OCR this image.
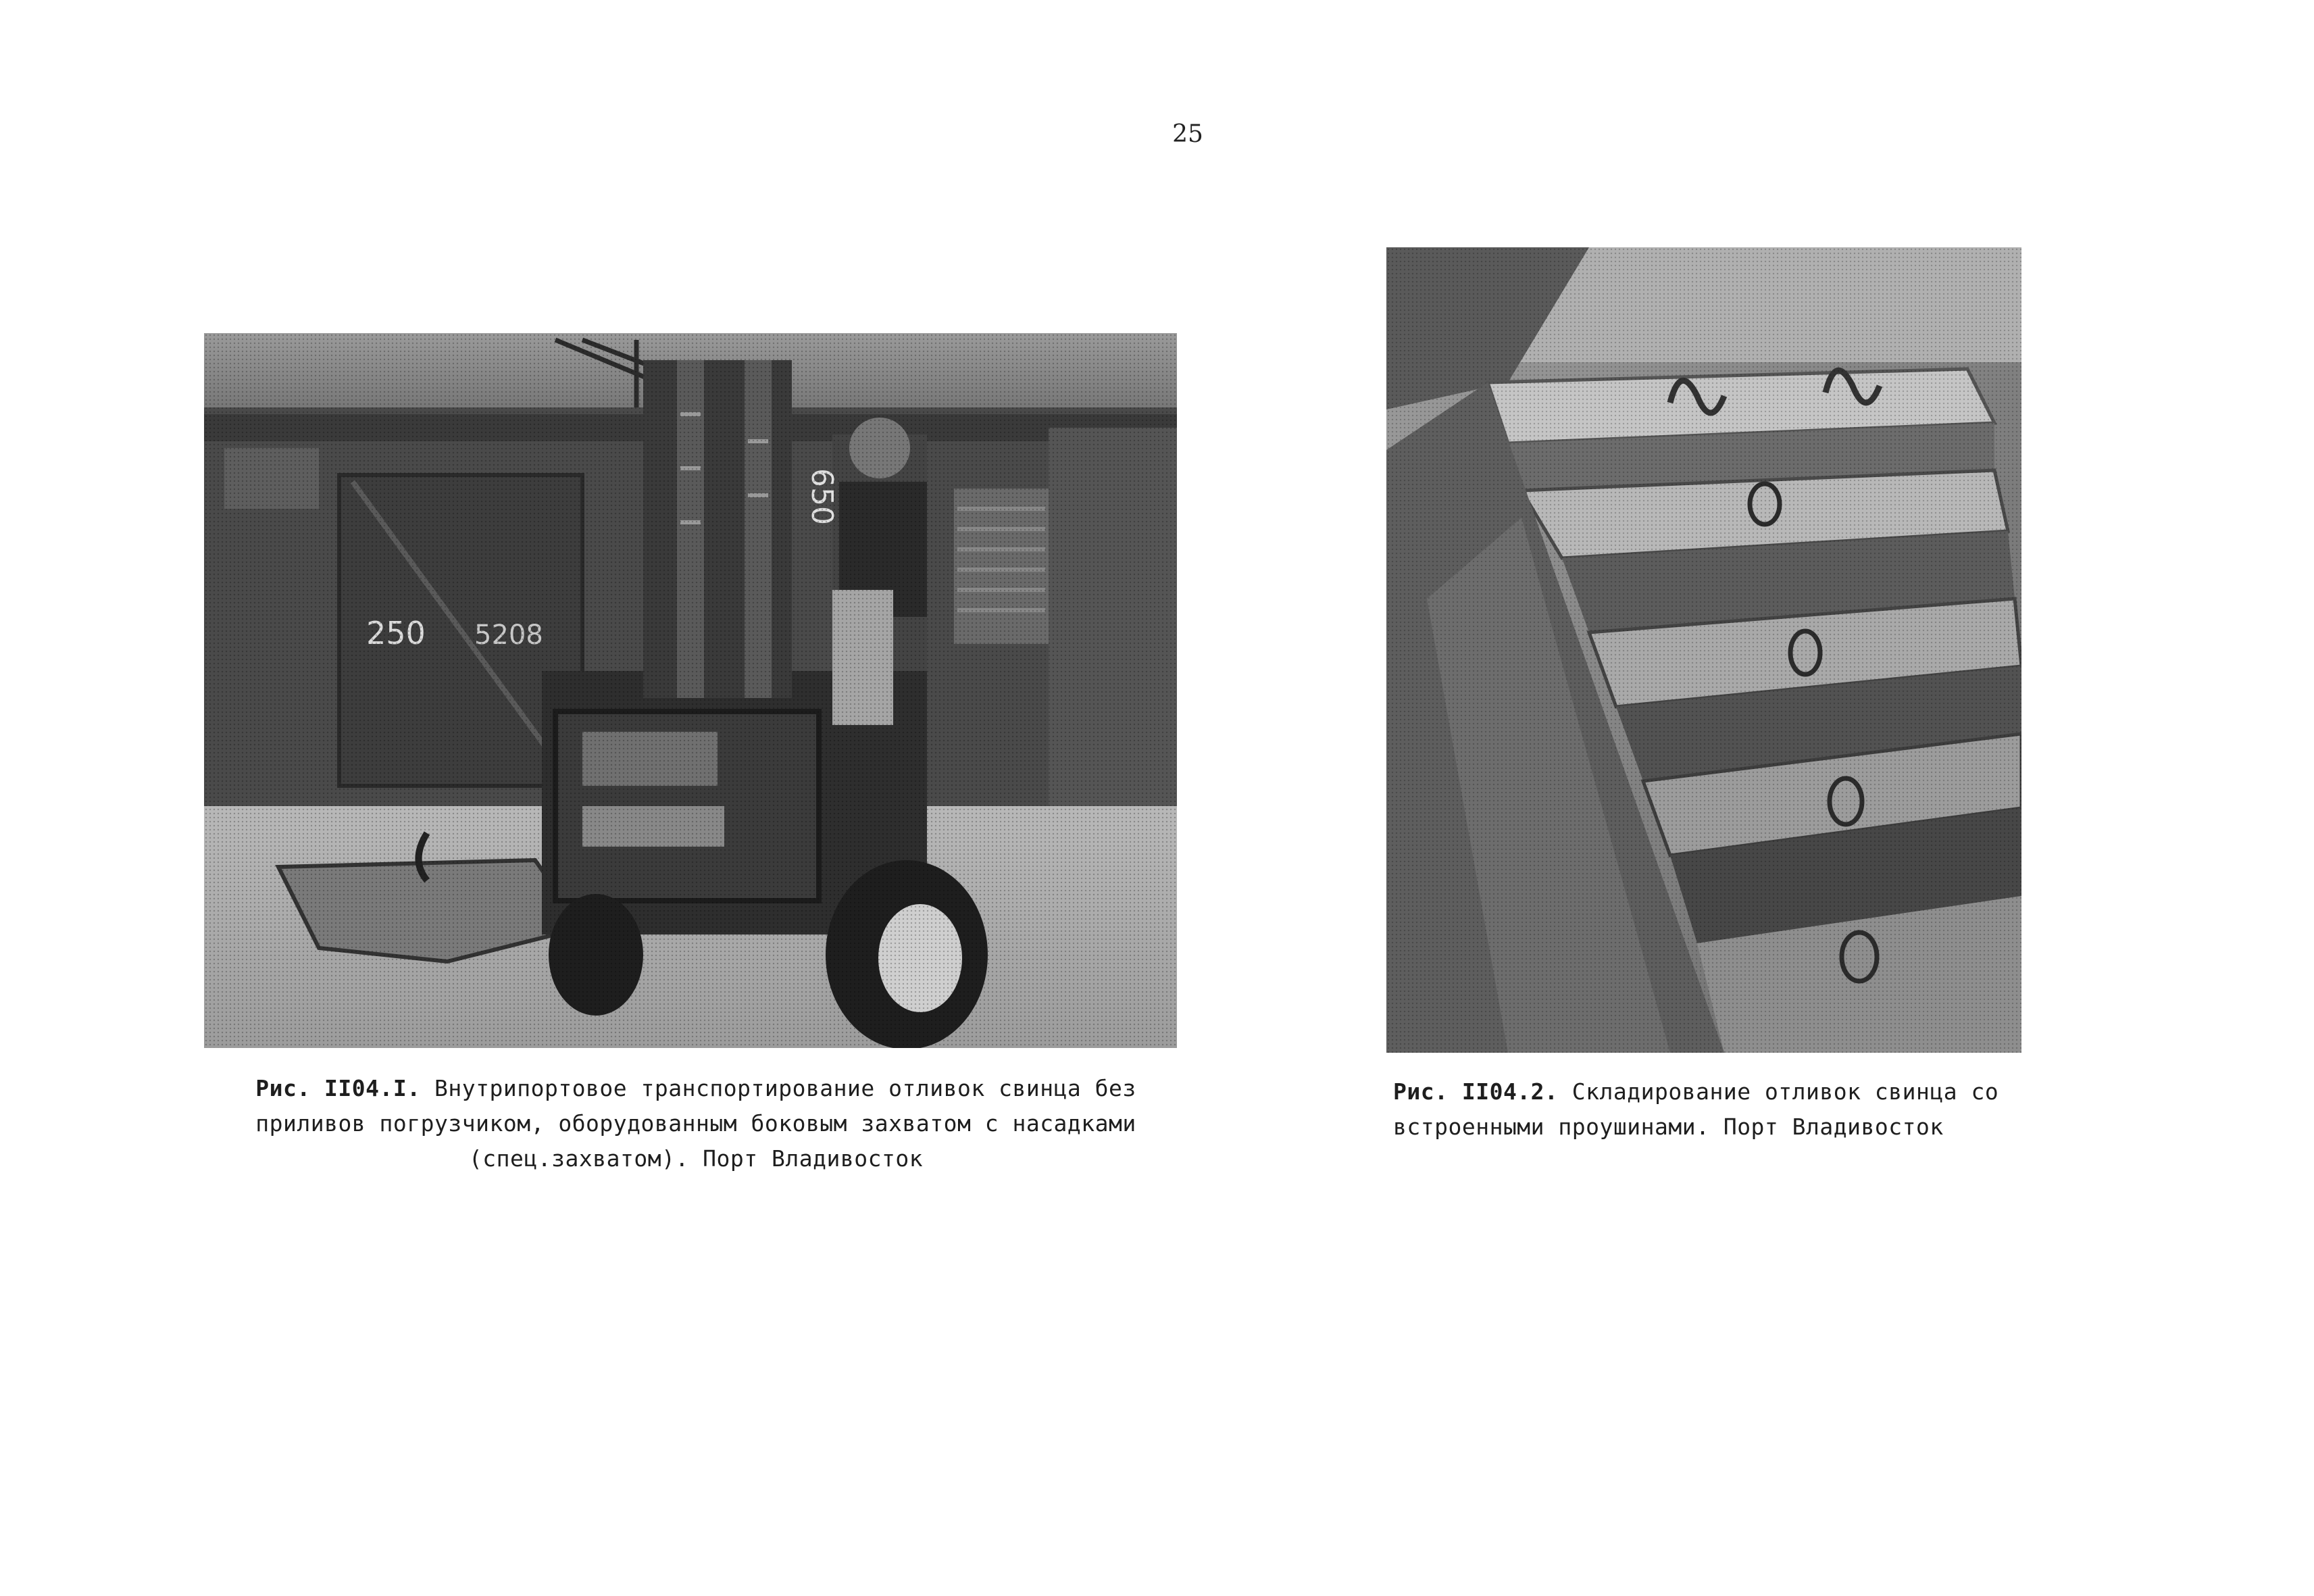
25
Рис. II04.I. Внутрипортовое транспортирование отливок свинца без
приливов погрузчиком, оборудованным боковым захватом с насадками
(спец.захватом). Порт Владивосток
Рис. II04.2. Складирование отливок свинца со
встроенными проушинами. Порт Владивосток
